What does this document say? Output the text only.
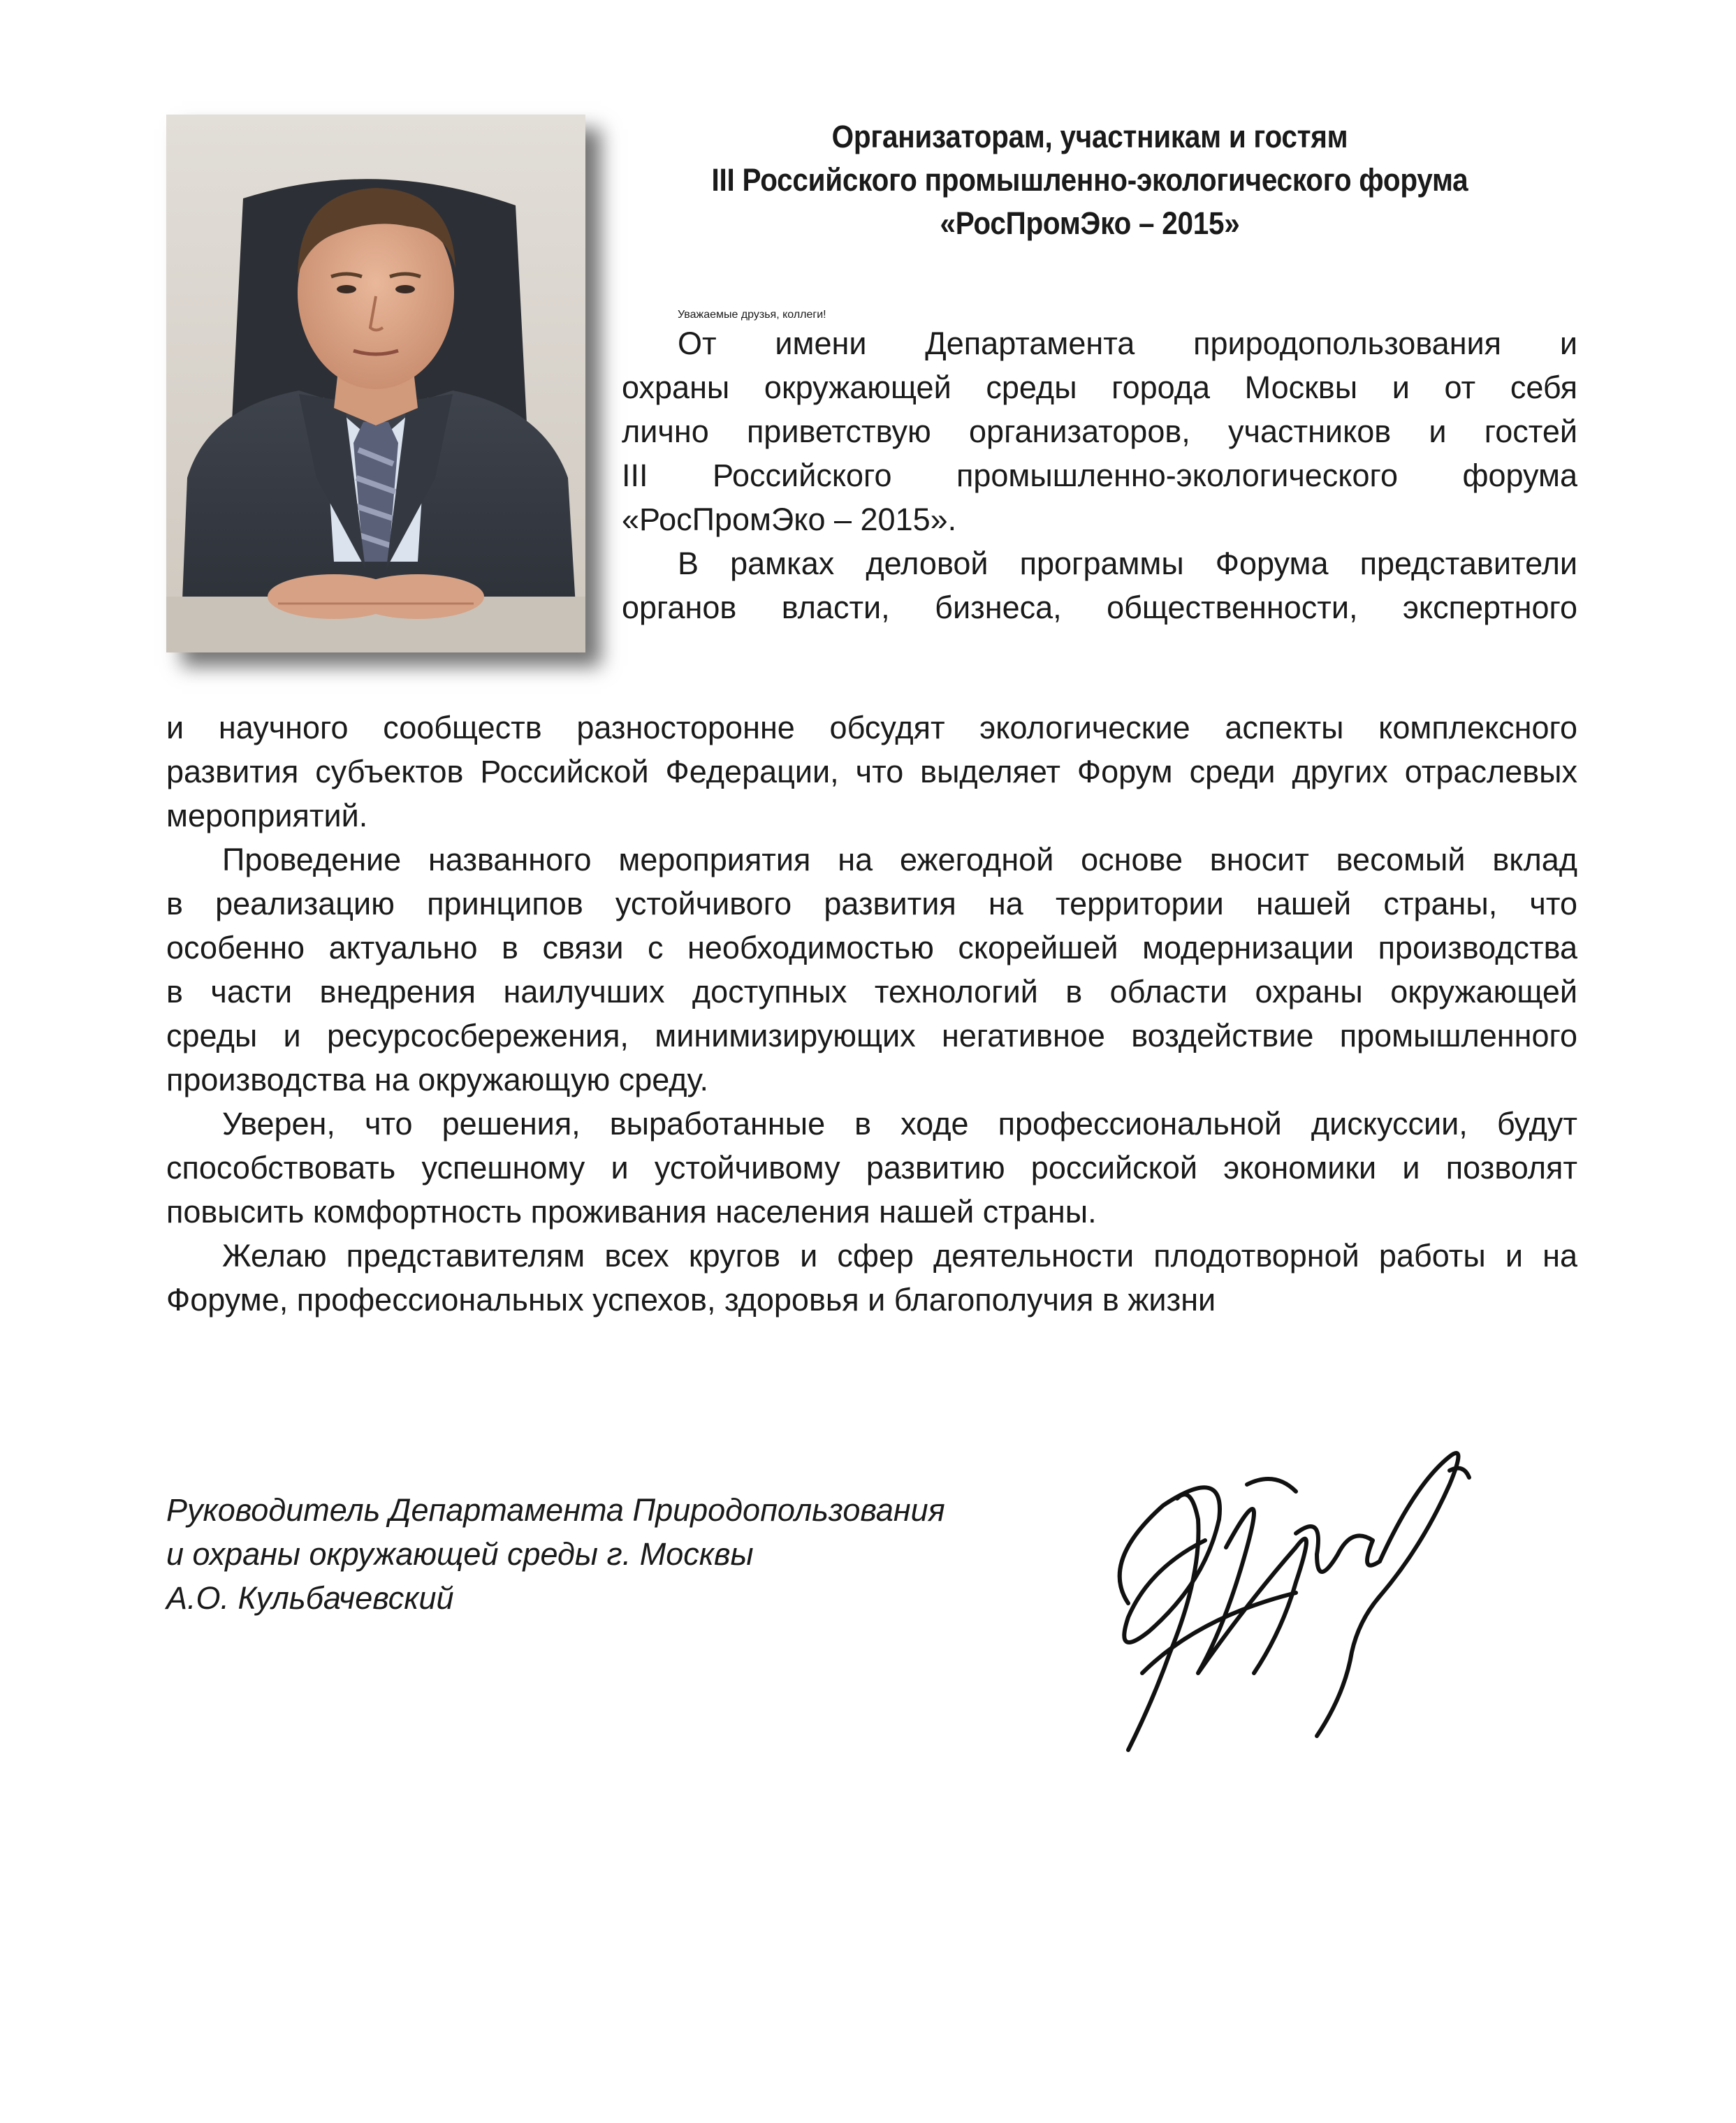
Организаторам, участникам и гостям
III Российского промышленно-экологического форума
«РосПромЭко – 2015»
Уважаемые друзья, коллеги!
От имени Департамента природопользования и
охраны окружающей среды города Москвы и от себя
лично приветствую организаторов, участников и гостей
III Российского промышленно-экологического форума
«РосПромЭко – 2015».
В рамках деловой программы Форума представители
органов власти, бизнеса, общественности, экспертного
и научного сообществ разносторонне обсудят экологические аспекты комплексного
развития субъектов Российской Федерации, что выделяет Форум среди других отраслевых
мероприятий.
Проведение названного мероприятия на ежегодной основе вносит весомый вклад
в реализацию принципов устойчивого развития на территории нашей страны, что
особенно актуально в связи с необходимостью скорейшей модернизации производства
в части внедрения наилучших доступных технологий в области охраны окружающей
среды и ресурсосбережения, минимизирующих негативное воздействие промышленного
производства на окружающую среду.
Уверен, что решения, выработанные в ходе профессиональной дискуссии, будут
способствовать успешному и устойчивому развитию российской экономики и позволят
повысить комфортность проживания населения нашей страны.
Желаю представителям всех кругов и сфер деятельности плодотворной работы и на
Форуме, профессиональных успехов, здоровья и благополучия в жизни
Руководитель Департамента Природопользования
и охраны окружающей среды г. Москвы
А.О. Кульбачевский
